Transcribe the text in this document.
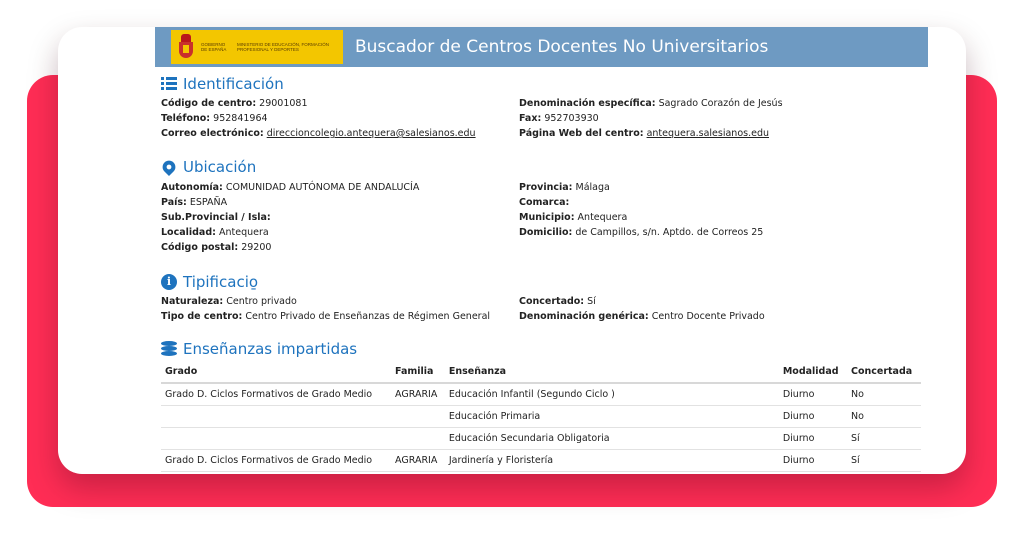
GOBIERNO DE ESPAÑA
MINISTERIO DE EDUCACIÓN, FORMACIÓN PROFESIONAL Y DEPORTES	Buscador de Centros Docentes No Universitarios
Identificación
Código de centro: 29001081
Teléfono: 952841964
Correo electrónico: direccioncolegio.antequera@salesianos.edu
Denominación específica: Sagrado Corazón de Jesús
Fax: 952703930
Página Web del centro: antequera.salesianos.edu
Ubicación
Autonomía: COMUNIDAD AUTÓNOMA DE ANDALUCÍA
País: ESPAÑA
Sub.Provincial / Isla:
Localidad: Antequera
Código postal: 29200
Provincia: Málaga
Comarca:
Municipio: Antequera
Domicilio: de Campillos, s/n. Aptdo. de Correos 25
i Tipificacio̱
Naturaleza: Centro privado
Tipo de centro: Centro Privado de Enseñanzas de Régimen General
Concertado: Sí
Denominación genérica: Centro Docente Privado
Enseñanzas impartidas
Grado	Familia	Enseñanza	Modalidad	Concertada
Grado D. Ciclos Formativos de Grado Medio	AGRARIA	Educación Infantil (Segundo Ciclo )	Diurno	No
		Educación Primaria	Diurno	No
		Educación Secundaria Obligatoria	Diurno	Sí
Grado D. Ciclos Formativos de Grado Medio	AGRARIA	Jardinería y Floristería	Diurno	Sí
